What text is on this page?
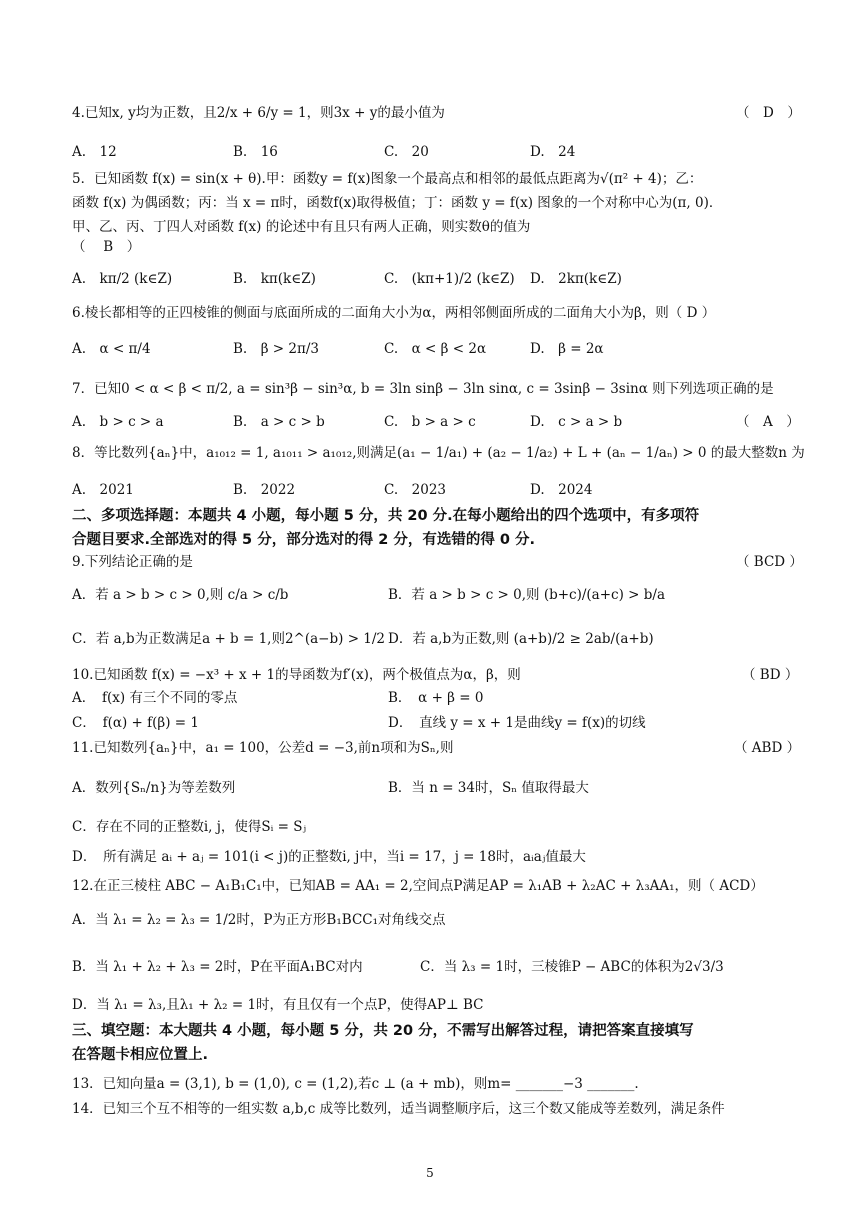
4.已知x, y均为正数，且2/x + 6/y = 1，则3x + y的最小值为	（　D　）
A.　12	B.　16	C.　20	D.　24
5．已知函数 f(x) = sin(x + θ).甲：函数y = f(x)图象一个最高点和相邻的最低点距离为√(π² + 4)；乙：
函数 f(x) 为偶函数；丙：当 x = π时，函数f(x)取得极值；丁：函数 y = f(x) 图象的一个对称中心为(π, 0)．
甲、乙、丙、丁四人对函数 f(x) 的论述中有且只有两人正确，则实数θ的值为
（　 B　）
A.　kπ/2 (k∈Z)	B.　kπ(k∈Z)	C.　(kπ+1)/2 (k∈Z) D.　2kπ(k∈Z)
6.棱长都相等的正四棱锥的侧面与底面所成的二面角大小为α，两相邻侧面所成的二面角大小为β，则（ D ）
A.　α < π/4	B.　β > 2π/3	C.　α < β < 2α	D.　β = 2α
7．已知0 < α < β < π/2, a = sin³β − sin³α, b = 3ln sinβ − 3ln sinα, c = 3sinβ − 3sinα 则下列选项正确的是
A.　b > c > a	B.　a > c > b	C.　b > a > c	D.　c > a > b	（　A　）
8．等比数列{aₙ}中，a₁₀₁₂ = 1, a₁₀₁₁ > a₁₀₁₂,则满足(a₁ − 1/a₁) + (a₂ − 1/a₂) + L + (aₙ − 1/aₙ) > 0 的最大整数n 为
A.　2021	B.　2022	C.　2023	D.　2024
二、多项选择题：本题共 4 小题，每小题 5 分，共 20 分.在每小题给出的四个选项中，有多项符
合题目要求.全部选对的得 5 分，部分选对的得 2 分，有选错的得 0 分.
9.下列结论正确的是	（ BCD ）
A．若 a > b > c > 0,则 c/a > c/b	B．若 a > b > c > 0,则 (b+c)/(a+c) > b/a
C．若 a,b为正数满足a + b = 1,则2^(a−b) > 1/2 D．若 a,b为正数,则 (a+b)/2 ≥ 2ab/(a+b)
10.已知函数 f(x) = −x³ + x + 1的导函数为f′(x)，两个极值点为α，β，则	（ BD ）
A．　f(x) 有三个不同的零点	B．　α + β = 0
C．　f(α) + f(β) = 1	D．　直线 y = x + 1是曲线y = f(x)的切线
11.已知数列{aₙ}中，a₁ = 100，公差d = −3,前n项和为Sₙ,则	（ ABD ）
A．数列{Sₙ/n}为等差数列	B．当 n = 34时，Sₙ 值取得最大
C．存在不同的正整数i, j，使得Sᵢ = Sⱼ
D．　所有满足 aᵢ + aⱼ = 101(i < j)的正整数i, j中，当i = 17，j = 18时，aᵢaⱼ值最大
12.在正三棱柱 ABC − A₁B₁C₁中，已知AB = AA₁ = 2,空间点P满足AP = λ₁AB + λ₂AC + λ₃AA₁，则（ ACD）
A．当 λ₁ = λ₂ = λ₃ = 1/2时，P为正方形B₁BCC₁对角线交点
B．当 λ₁ + λ₂ + λ₃ = 2时，P在平面A₁BC对内	C．当 λ₃ = 1时，三棱锥P − ABC的体积为2√3/3
D．当 λ₁ = λ₃,且λ₁ + λ₂ = 1时，有且仅有一个点P，使得AP⊥ BC
三、填空题：本大题共 4 小题，每小题 5 分，共 20 分，不需写出解答过程，请把答案直接填写
在答题卡相应位置上.
13．已知向量a = (3,1), b = (1,0), c = (1,2),若c ⊥ (a + mb)，则m= _______−3 _______.
14．已知三个互不相等的一组实数 a,b,c 成等比数列，适当调整顺序后，这三个数又能成等差数列，满足条件
5
